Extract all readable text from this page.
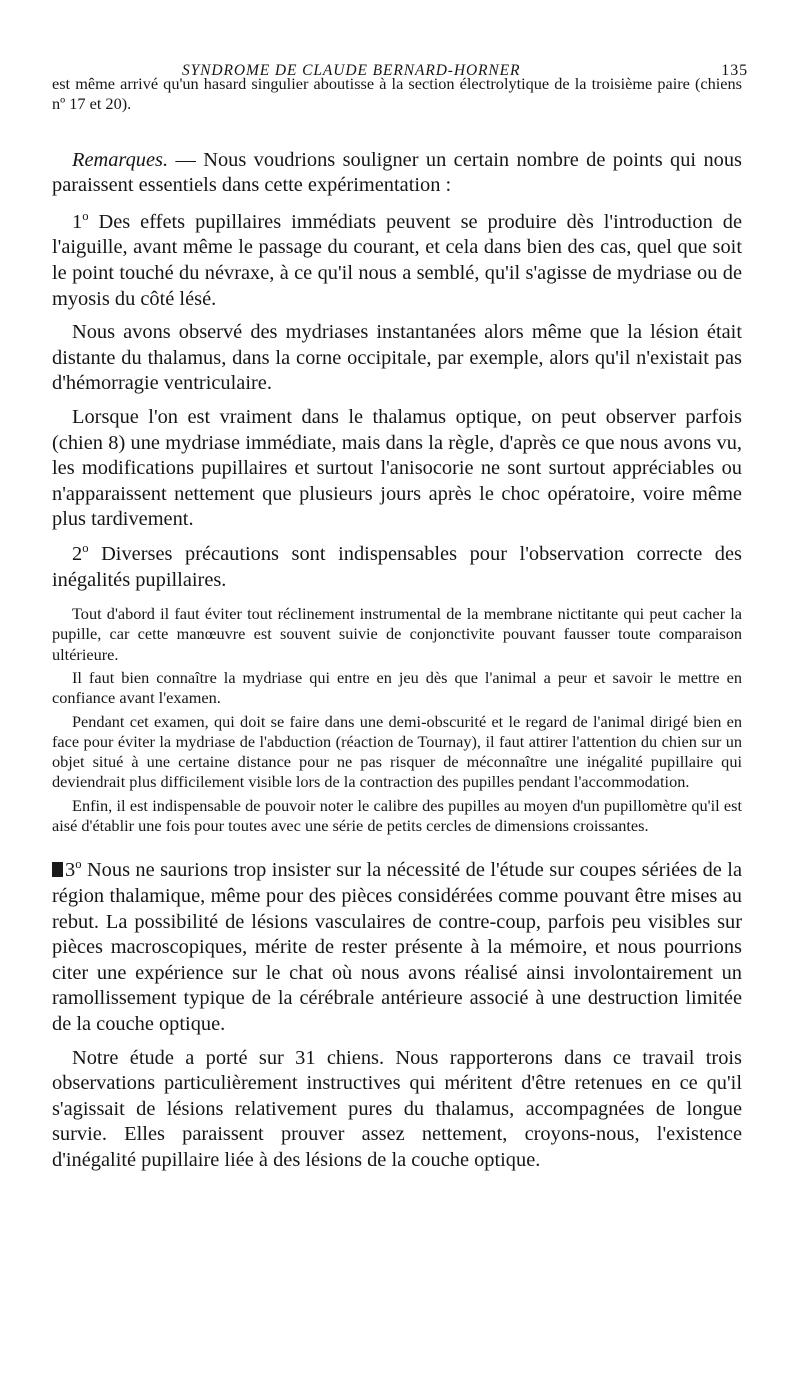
SYNDROME DE CLAUDE BERNARD-HORNER	135

est même arrivé qu'un hasard singulier aboutisse à la section électrolytique de la troisième paire (chiens nº 17 et 20).

Remarques. — Nous voudrions souligner un certain nombre de points qui nous paraissent essentiels dans cette expérimentation :

1$^o$ Des effets pupillaires immédiats peuvent se produire dès l'introduction de l'aiguille, avant même le passage du courant, et cela dans bien des cas, quel que soit le point touché du névraxe, à ce qu'il nous a semblé, qu'il s'agisse de mydriase ou de myosis du côté lésé.

Nous avons observé des mydriases instantanées alors même que la lésion était distante du thalamus, dans la corne occipitale, par exemple, alors qu'il n'existait pas d'hémorragie ventriculaire.

Lorsque l'on est vraiment dans le thalamus optique, on peut observer parfois (chien 8) une mydriase immédiate, mais dans la règle, d'après ce que nous avons vu, les modifications pupillaires et surtout l'anisocorie ne sont surtout appréciables ou n'apparaissent nettement que plusieurs jours après le choc opératoire, voire même plus tardivement.

2$^o$ Diverses précautions sont indispensables pour l'observation correcte des inégalités pupillaires.

Tout d'abord il faut éviter tout réclinement instrumental de la membrane nictitante qui peut cacher la pupille, car cette manœuvre est souvent suivie de conjonctivite pouvant fausser toute comparaison ultérieure.

Il faut bien connaître la mydriase qui entre en jeu dès que l'animal a peur et savoir le mettre en confiance avant l'examen.

Pendant cet examen, qui doit se faire dans une demi-obscurité et le regard de l'animal dirigé bien en face pour éviter la mydriase de l'abduction (réaction de Tournay), il faut attirer l'attention du chien sur un objet situé à une certaine distance pour ne pas risquer de méconnaître une inégalité pupillaire qui deviendrait plus difficilement visible lors de la contraction des pupilles pendant l'accommodation.

Enfin, il est indispensable de pouvoir noter le calibre des pupilles au moyen d'un pupillomètre qu'il est aisé d'établir une fois pour toutes avec une série de petits cercles de dimensions croissantes.

3$^o$ Nous ne saurions trop insister sur la nécessité de l'étude sur coupes sériées de la région thalamique, même pour des pièces considérées comme pouvant être mises au rebut. La possibilité de lésions vasculaires de contre-coup, parfois peu visibles sur pièces macroscopiques, mérite de rester présente à la mémoire, et nous pourrions citer une expérience sur le chat où nous avons réalisé ainsi involontairement un ramollissement typique de la cérébrale antérieure associé à une destruction limitée de la couche optique.

Notre étude a porté sur 31 chiens. Nous rapporterons dans ce travail trois observations particulièrement instructives qui méritent d'être retenues en ce qu'il s'agissait de lésions relativement pures du thalamus, accompagnées de longue survie. Elles paraissent prouver assez nettement, croyons-nous, l'existence d'inégalité pupillaire liée à des lésions de la couche optique.
